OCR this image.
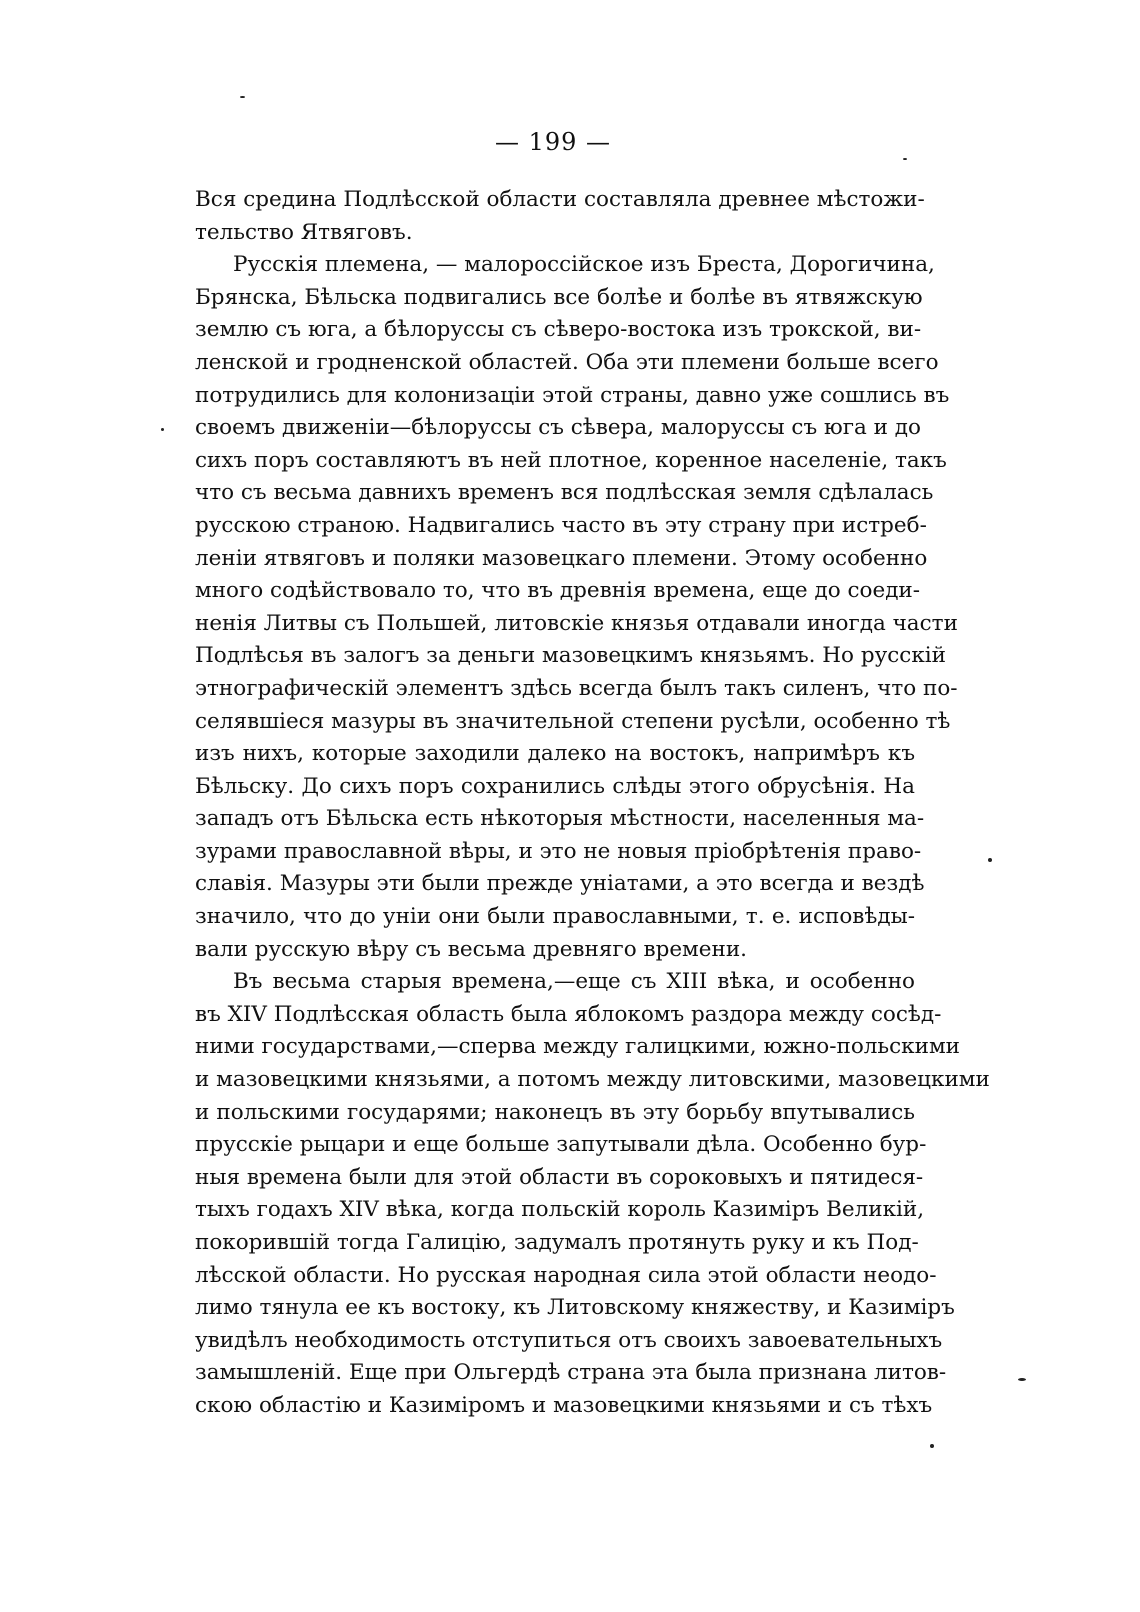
— 199 —
Вся средина Подлѣсской области составляла древнее мѣстожи-
тельство Ятвяговъ.
Русскія племена, — малороссійское изъ Бреста, Дорогичина,
Брянска, Бѣльска подвигались все болѣе и болѣе въ ятвяжскую
землю съ юга, а бѣлоруссы съ сѣверо-востока изъ трокской, ви-
ленской и гродненской областей. Оба эти племени больше всего
потрудились для колонизаціи этой страны, давно уже сошлись въ
своемъ движеніи—бѣлоруссы съ сѣвера, малоруссы съ юга и до
сихъ поръ составляютъ въ ней плотное, коренное населеніе, такъ
что съ весьма давнихъ временъ вся подлѣсская земля сдѣлалась
русскою страною. Надвигались часто въ эту страну при истреб-
леніи ятвяговъ и поляки мазовецкаго племени. Этому особенно
много содѣйствовало то, что въ древнія времена, еще до соеди-
ненія Литвы съ Польшей, литовскіе князья отдавали иногда части
Подлѣсья въ залогъ за деньги мазовецкимъ князьямъ. Но русскій
этнографическій элементъ здѣсь всегда былъ такъ силенъ, что по-
селявшіеся мазуры въ значительной степени русѣли, особенно тѣ
изъ нихъ, которые заходили далеко на востокъ, напримѣръ къ
Бѣльску. До сихъ поръ сохранились слѣды этого обрусѣнія. На
западъ отъ Бѣльска есть нѣкоторыя мѣстности, населенныя ма-
зурами православной вѣры, и это не новыя пріобрѣтенія право-
славія. Мазуры эти были прежде уніатами, а это всегда и вездѣ
значило, что до уніи они были православными, т. е. исповѣды-
вали русскую вѣру съ весьма древняго времени.
Въ весьма старыя времена,—еще съ XIII вѣка, и особенно
въ XIV Подлѣсская область была яблокомъ раздора между сосѣд-
ними государствами,—сперва между галицкими, южно-польскими
и мазовецкими князьями, а потомъ между литовскими, мазовецкими
и польскими государями; наконецъ въ эту борьбу впутывались
прусскіе рыцари и еще больше запутывали дѣла. Особенно бур-
ныя времена были для этой области въ сороковыхъ и пятидеся-
тыхъ годахъ XIV вѣка, когда польскій король Казиміръ Великій,
покорившій тогда Галицію, задумалъ протянуть руку и къ Под-
лѣсской области. Но русская народная сила этой области неодо-
лимо тянула ее къ востоку, къ Литовскому княжеству, и Казиміръ
увидѣлъ необходимость отступиться отъ своихъ завоевательныхъ
замышленій. Еще при Ольгердѣ страна эта была признана литов-
скою областію и Казиміромъ и мазовецкими князьями и съ тѣхъ
